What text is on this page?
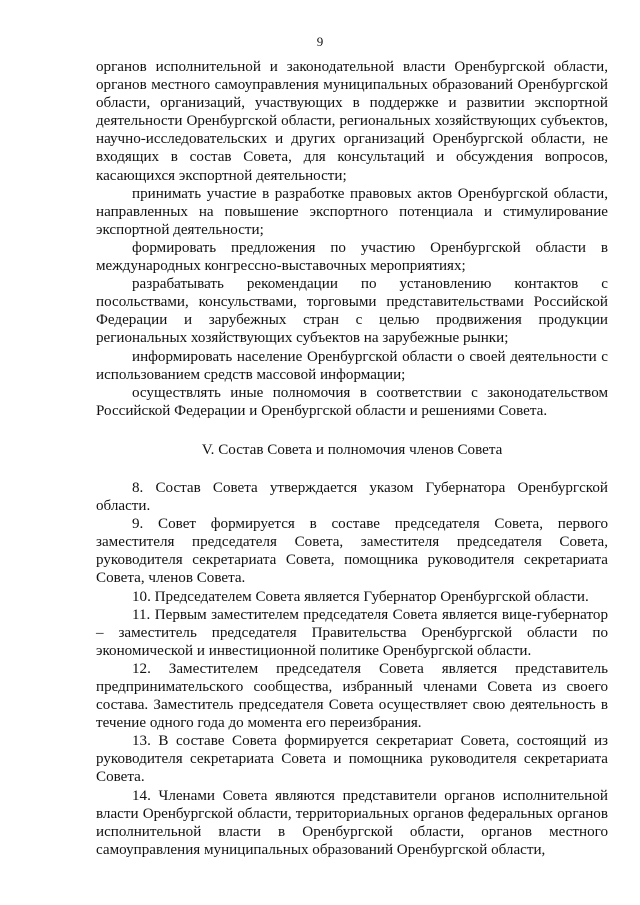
9

органов исполнительной и законодательной власти Оренбургской области, органов местного самоуправления муниципальных образований Оренбургской области, организаций, участвующих в поддержке и развитии экспортной деятельности Оренбургской области, региональных хозяйствующих субъектов, научно-исследовательских и других организаций Оренбургской области, не входящих в состав Совета, для консультаций и обсуждения вопросов, касающихся экспортной деятельности;

принимать участие в разработке правовых актов Оренбургской области, направленных на повышение экспортного потенциала и стимулирование экспортной деятельности;

формировать предложения по участию Оренбургской области в международных конгрессно-выставочных мероприятиях;

разрабатывать рекомендации по установлению контактов с посольствами, консульствами, торговыми представительствами Российской Федерации и зарубежных стран с целью продвижения продукции региональных хозяйствующих субъектов на зарубежные рынки;

информировать население Оренбургской области о своей деятельности с использованием средств массовой информации;

осуществлять иные полномочия в соответствии с законодательством Российской Федерации и Оренбургской области и решениями Совета.

V. Состав Совета и полномочия членов Совета

8. Состав Совета утверждается указом Губернатора Оренбургской области.

9. Совет формируется в составе председателя Совета, первого заместителя председателя Совета, заместителя председателя Совета, руководителя секретариата Совета, помощника руководителя секретариата Совета, членов Совета.

10. Председателем Совета является Губернатор Оренбургской области.

11. Первым заместителем председателя Совета является вице-губернатор – заместитель председателя Правительства Оренбургской области по экономической и инвестиционной политике Оренбургской области.

12. Заместителем председателя Совета является представитель предпринимательского сообщества, избранный членами Совета из своего состава. Заместитель председателя Совета осуществляет свою деятельность в течение одного года до момента его переизбрания.

13. В составе Совета формируется секретариат Совета, состоящий из руководителя секретариата Совета и помощника руководителя секретариата Совета.

14. Членами Совета являются представители органов исполнительной власти Оренбургской области, территориальных органов федеральных органов исполнительной власти в Оренбургской области, органов местного самоуправления муниципальных образований Оренбургской области,
